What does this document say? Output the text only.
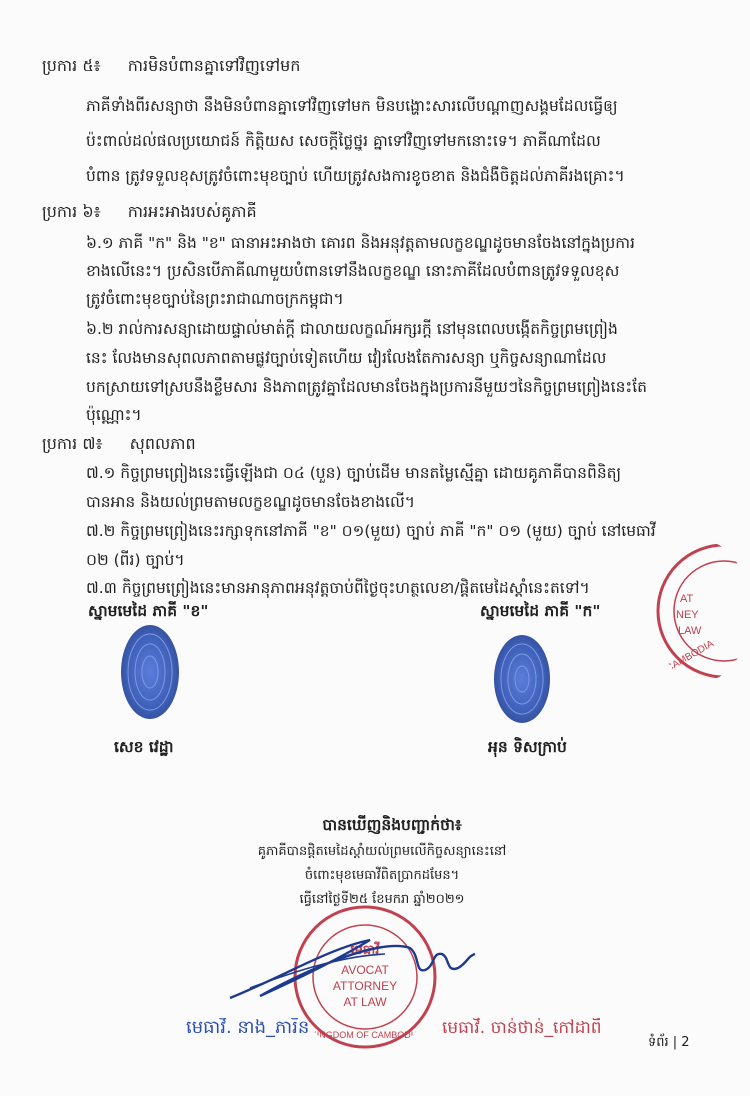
ប្រការ ៥៖ ការមិនបំពានគ្នាទៅវិញទៅមក
ភាគីទាំងពីរសន្យាថា នឹងមិនបំពានគ្នាទៅវិញទៅមក មិនបង្ហោះសារលើបណ្ដាញសង្គមដែលធ្វើឲ្យ
ប៉ះពាល់ដល់ផលប្រយោជន៍ កិត្តិយស សេចក្ដីថ្លៃថ្នូរ គ្នាទៅវិញទៅមកនោះទេ។ ភាគីណាដែល
បំពាន ត្រូវទទួលខុសត្រូវចំពោះមុខច្បាប់ ហើយត្រូវសងការខូចខាត និងជំងឺចិត្តដល់ភាគីរងគ្រោះ។
ប្រការ ៦៖ ការអះអាងរបស់គូភាគី
៦.១ ភាគី "ក" និង "ខ" ធានាអះអាងថា គោរព និងអនុវត្តតាមលក្ខខណ្ឌដូចមានចែងនៅក្នុងប្រការ
ខាងលើនេះ។ ប្រសិនបើភាគីណាមួយបំពានទៅនឹងលក្ខខណ្ឌ នោះភាគីដែលបំពានត្រូវទទួលខុស
ត្រូវចំពោះមុខច្បាប់នៃព្រះរាជាណាចក្រកម្ពុជា។
៦.២ រាល់ការសន្យាដោយផ្ទាល់មាត់ក្ដី ជាលាយលក្ខណ៍អក្សរក្ដី នៅមុនពេលបង្កើតកិច្ចព្រមព្រៀង
នេះ លែងមានសុពលភាពតាមផ្លូវច្បាប់ទៀតហើយ វៀរលែងតែការសន្យា ឬកិច្ចសន្យាណាដែល
បកស្រាយទៅស្របនឹងខ្លឹមសារ និងភាពត្រូវគ្នាដែលមានចែងក្នុងប្រការនីមួយៗនៃកិច្ចព្រមព្រៀងនេះតែ
ប៉ុណ្ណោះ។
ប្រការ ៧៖ សុពលភាព
៧.១ កិច្ចព្រមព្រៀងនេះធ្វើឡើងជា ០៤ (បួន) ច្បាប់ដើម មានតម្លៃស្មើគ្នា ដោយគូភាគីបានពិនិត្យ
បានអាន និងយល់ព្រមតាមលក្ខខណ្ឌដូចមានចែងខាងលើ។
៧.២ កិច្ចព្រមព្រៀងនេះរក្សាទុកនៅភាគី "ខ" ០១(មួយ) ច្បាប់ ភាគី "ក" ០១ (មួយ) ច្បាប់ នៅមេធាវី
០២ (ពីរ) ច្បាប់។
៧.៣ កិច្ចព្រមព្រៀងនេះមានអានុភាពអនុវត្តចាប់ពីថ្ងៃចុះហត្ថលេខា/ផ្ដិតមេដៃស្ដាំនេះតទៅ។
ស្នាមមេដៃ ភាគី "ខ"	ស្នាមមេដៃ ភាគី "ក"
សេខ វេដ្ឋា	អុន ទិសក្រាប់
AT
NEY
LAW
CAMBODIA
បានឃើញនិងបញ្ជាក់ថា៖
គូភាគីបានផ្ដិតមេដៃស្ដាំយល់ព្រមលើកិច្ចសន្យានេះនៅ
ចំពោះមុខមេធាវីពិតប្រាកដមែន។
ធ្វើនៅថ្ងៃទី២៥ ខែមករា ឆ្នាំ២០២១
មេធាវី
AVOCAT
ATTORNEY
AT LAW
KINGDOM OF CAMBODIA
មេធាវី. នាង_ភារីន	មេធាវី. ចាន់ថាន់_កៅដាពី
ទំព័រ | 2
